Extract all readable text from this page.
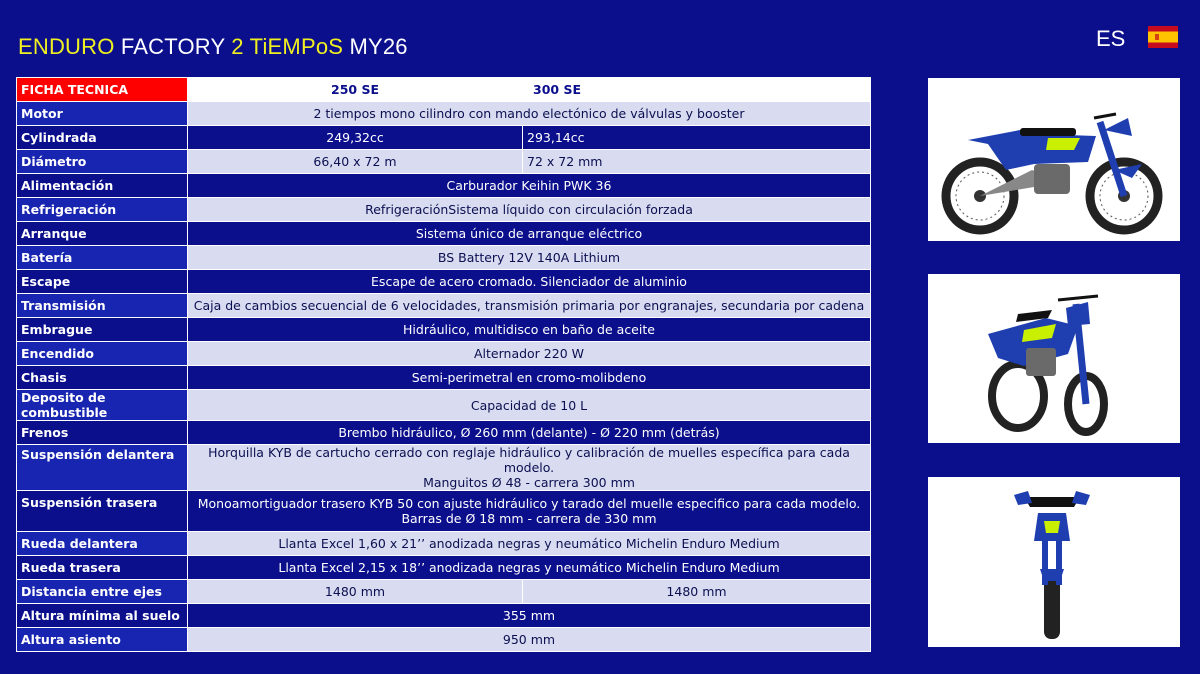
ENDURO FACTORY 2 TiEMPoS MY26	ES
FICHA TECNICA	250 SE	300 SE
Motor	2 tiempos mono cilindro con mando electónico de válvulas y booster	
Cylindrada	249,32cc	293,14cc
Diámetro	66,40 x 72 m	72 x 72 mm
Alimentación	Carburador Keihin PWK 36	
Refrigeración	RefrigeraciónSistema líquido con circulación forzada	
Arranque	Sistema único de arranque eléctrico	
Batería	BS Battery 12V 140A Lithium	
Escape	Escape de acero cromado. Silenciador de aluminio	
Transmisión	Caja de cambios secuencial de 6 velocidades, transmisión primaria por engranajes, secundaria por cadena	
Embrague	Hidráulico, multidisco en baño de aceite	
Encendido	Alternador 220 W	
Chasis	Semi-perimetral en cromo-molibdeno	
Deposito de combustible	Capacidad de 10 L	
Frenos	Brembo hidráulico, Ø 260 mm (delante) - Ø 220 mm (detrás)	
Suspensión delantera	Horquilla KYB de cartucho cerrado con reglaje hidráulico y calibración de muelles específica para cada modelo.
Manguitos Ø 48 - carrera 300 mm	

Suspensión trasera	Monoamortiguador trasero KYB 50 con ajuste hidráulico y tarado del muelle especifico para cada modelo.
Barras de Ø 18 mm - carrera de 330 mm	

Rueda delantera	Llanta Excel 1,60 x 21’’ anodizada negras y neumático Michelin Enduro Medium	
Rueda trasera	Llanta Excel 2,15 x 18’’ anodizada negras y neumático Michelin Enduro Medium	
Distancia entre ejes	1480 mm	1480 mm
Altura mínima al suelo	355 mm	
Altura asiento	950 mm	
